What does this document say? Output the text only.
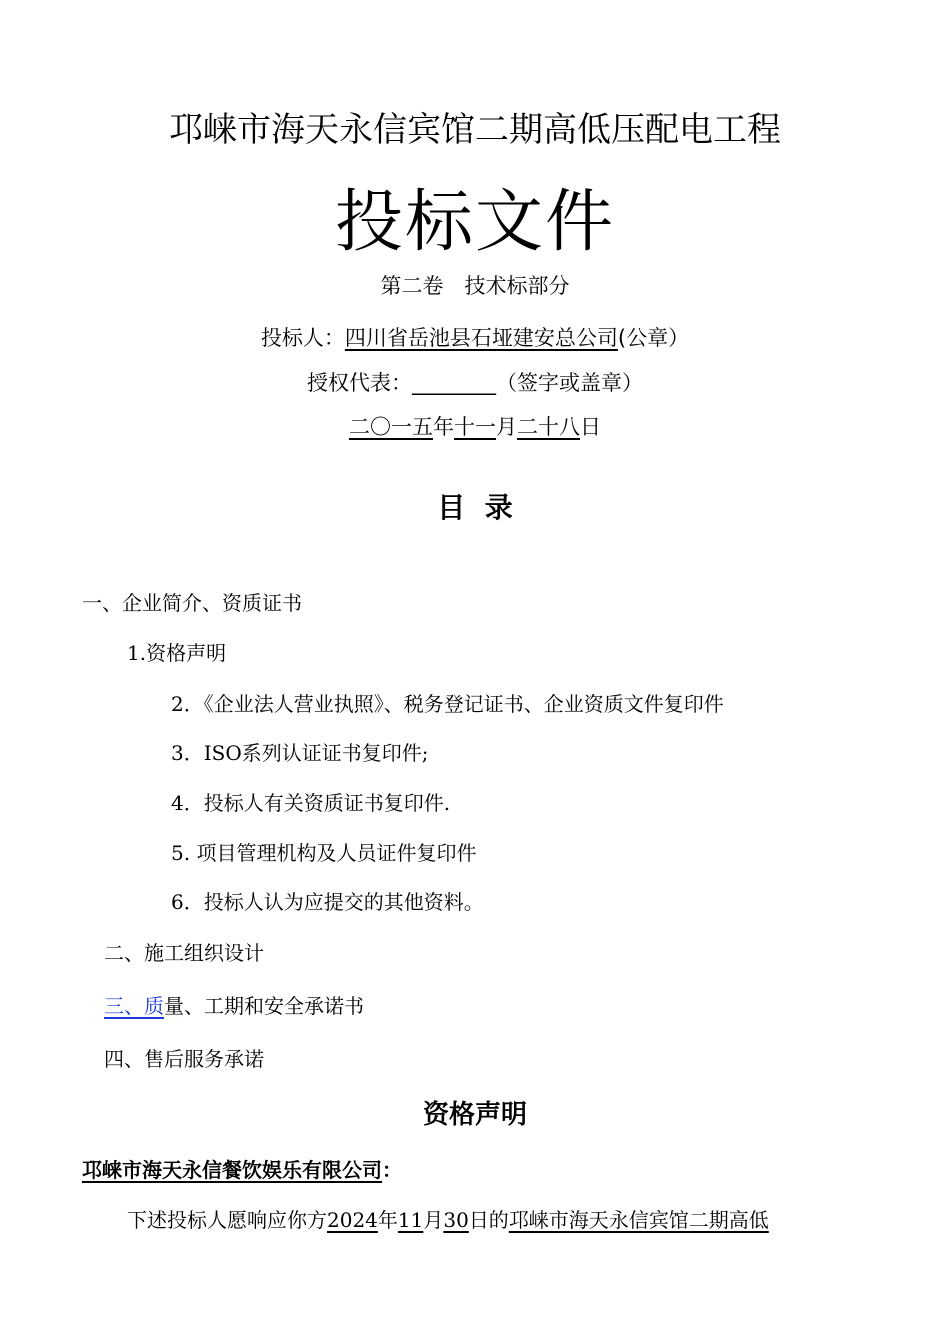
邛崃市海天永信宾馆二期高低压配电工程
投标文件
第二卷　技术标部分
投标人：四川省岳池县石垭建安总公司(公章）
授权代表：________（签字或盖章）
二〇一五年十一月二十八日
目  录
一、企业简介、资质证书
1.资格声明
2．《企业法人营业执照》、税务登记证书、企业资质文件复印件
3．ISO系列认证证书复印件;
4．投标人有关资质证书复印件.
5. 项目管理机构及人员证件复印件
6．投标人认为应提交的其他资料。
二、施工组织设计
三、质量、工期和安全承诺书
四、售后服务承诺
资格声明
邛崃市海天永信餐饮娱乐有限公司：
下述投标人愿响应你方2024年11月30日的邛崃市海天永信宾馆二期高低
